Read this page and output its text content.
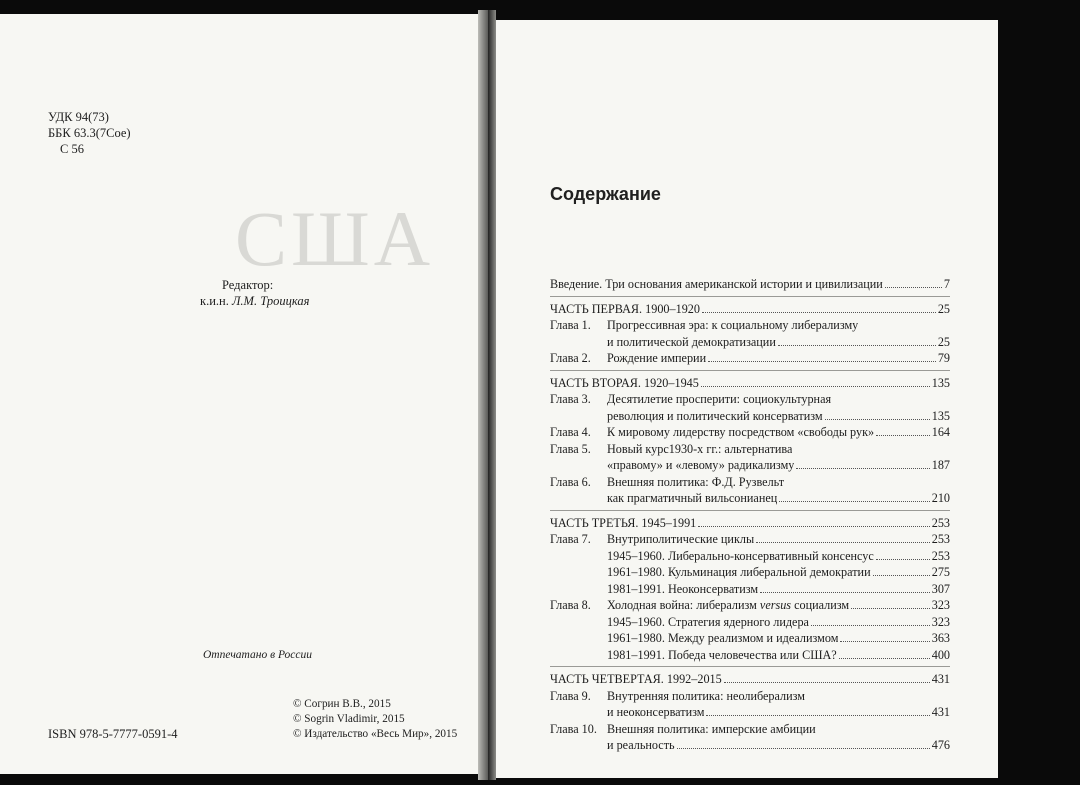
США
УДК 94(73)
ББК 63.3(7Сое)
С 56
Редактор:
к.и.н. Л.М. Троицкая
Отпечатано в России
© Согрин В.В., 2015
© Sogrin Vladimir, 2015
© Издательство «Весь Мир», 2015
ISBN 978-5-7777-0591-4
Содержание
Введение. Три основания американской истории и цивилизации	7
ЧАСТЬ ПЕРВАЯ. 1900–1920	25
Глава 1.	Прогрессивная эра: к социальному либерализму
и политической демократизации	25
Глава 2.	Рождение империи	79
ЧАСТЬ ВТОРАЯ. 1920–1945	135
Глава 3.	Десятилетие просперити: социокультурная
революция и политический консерватизм	135
Глава 4.	К мировому лидерству посредством «свободы рук»	164
Глава 5.	Новый курс1930-х гг.: альтернатива
«правому» и «левому» радикализму	187
Глава 6.	Внешняя политика: Ф.Д. Рузвельт
как прагматичный вильсонианец	210
ЧАСТЬ ТРЕТЬЯ. 1945–1991	253
Глава 7.	Внутриполитические циклы	253
1945–1960. Либерально-консервативный консенсус	253
1961–1980. Кульминация либеральной демократии	275
1981–1991. Неоконсерватизм	307
Глава 8.	Холодная война: либерализм versus социализм	323
1945–1960. Стратегия ядерного лидера	323
1961–1980. Между реализмом и идеализмом	363
1981–1991. Победа человечества или США?	400
ЧАСТЬ ЧЕТВЕРТАЯ. 1992–2015	431
Глава 9.	Внутренняя политика: неолиберализм
и неоконсерватизм	431
Глава 10. Внешняя политика: имперские амбиции
и реальность	476
